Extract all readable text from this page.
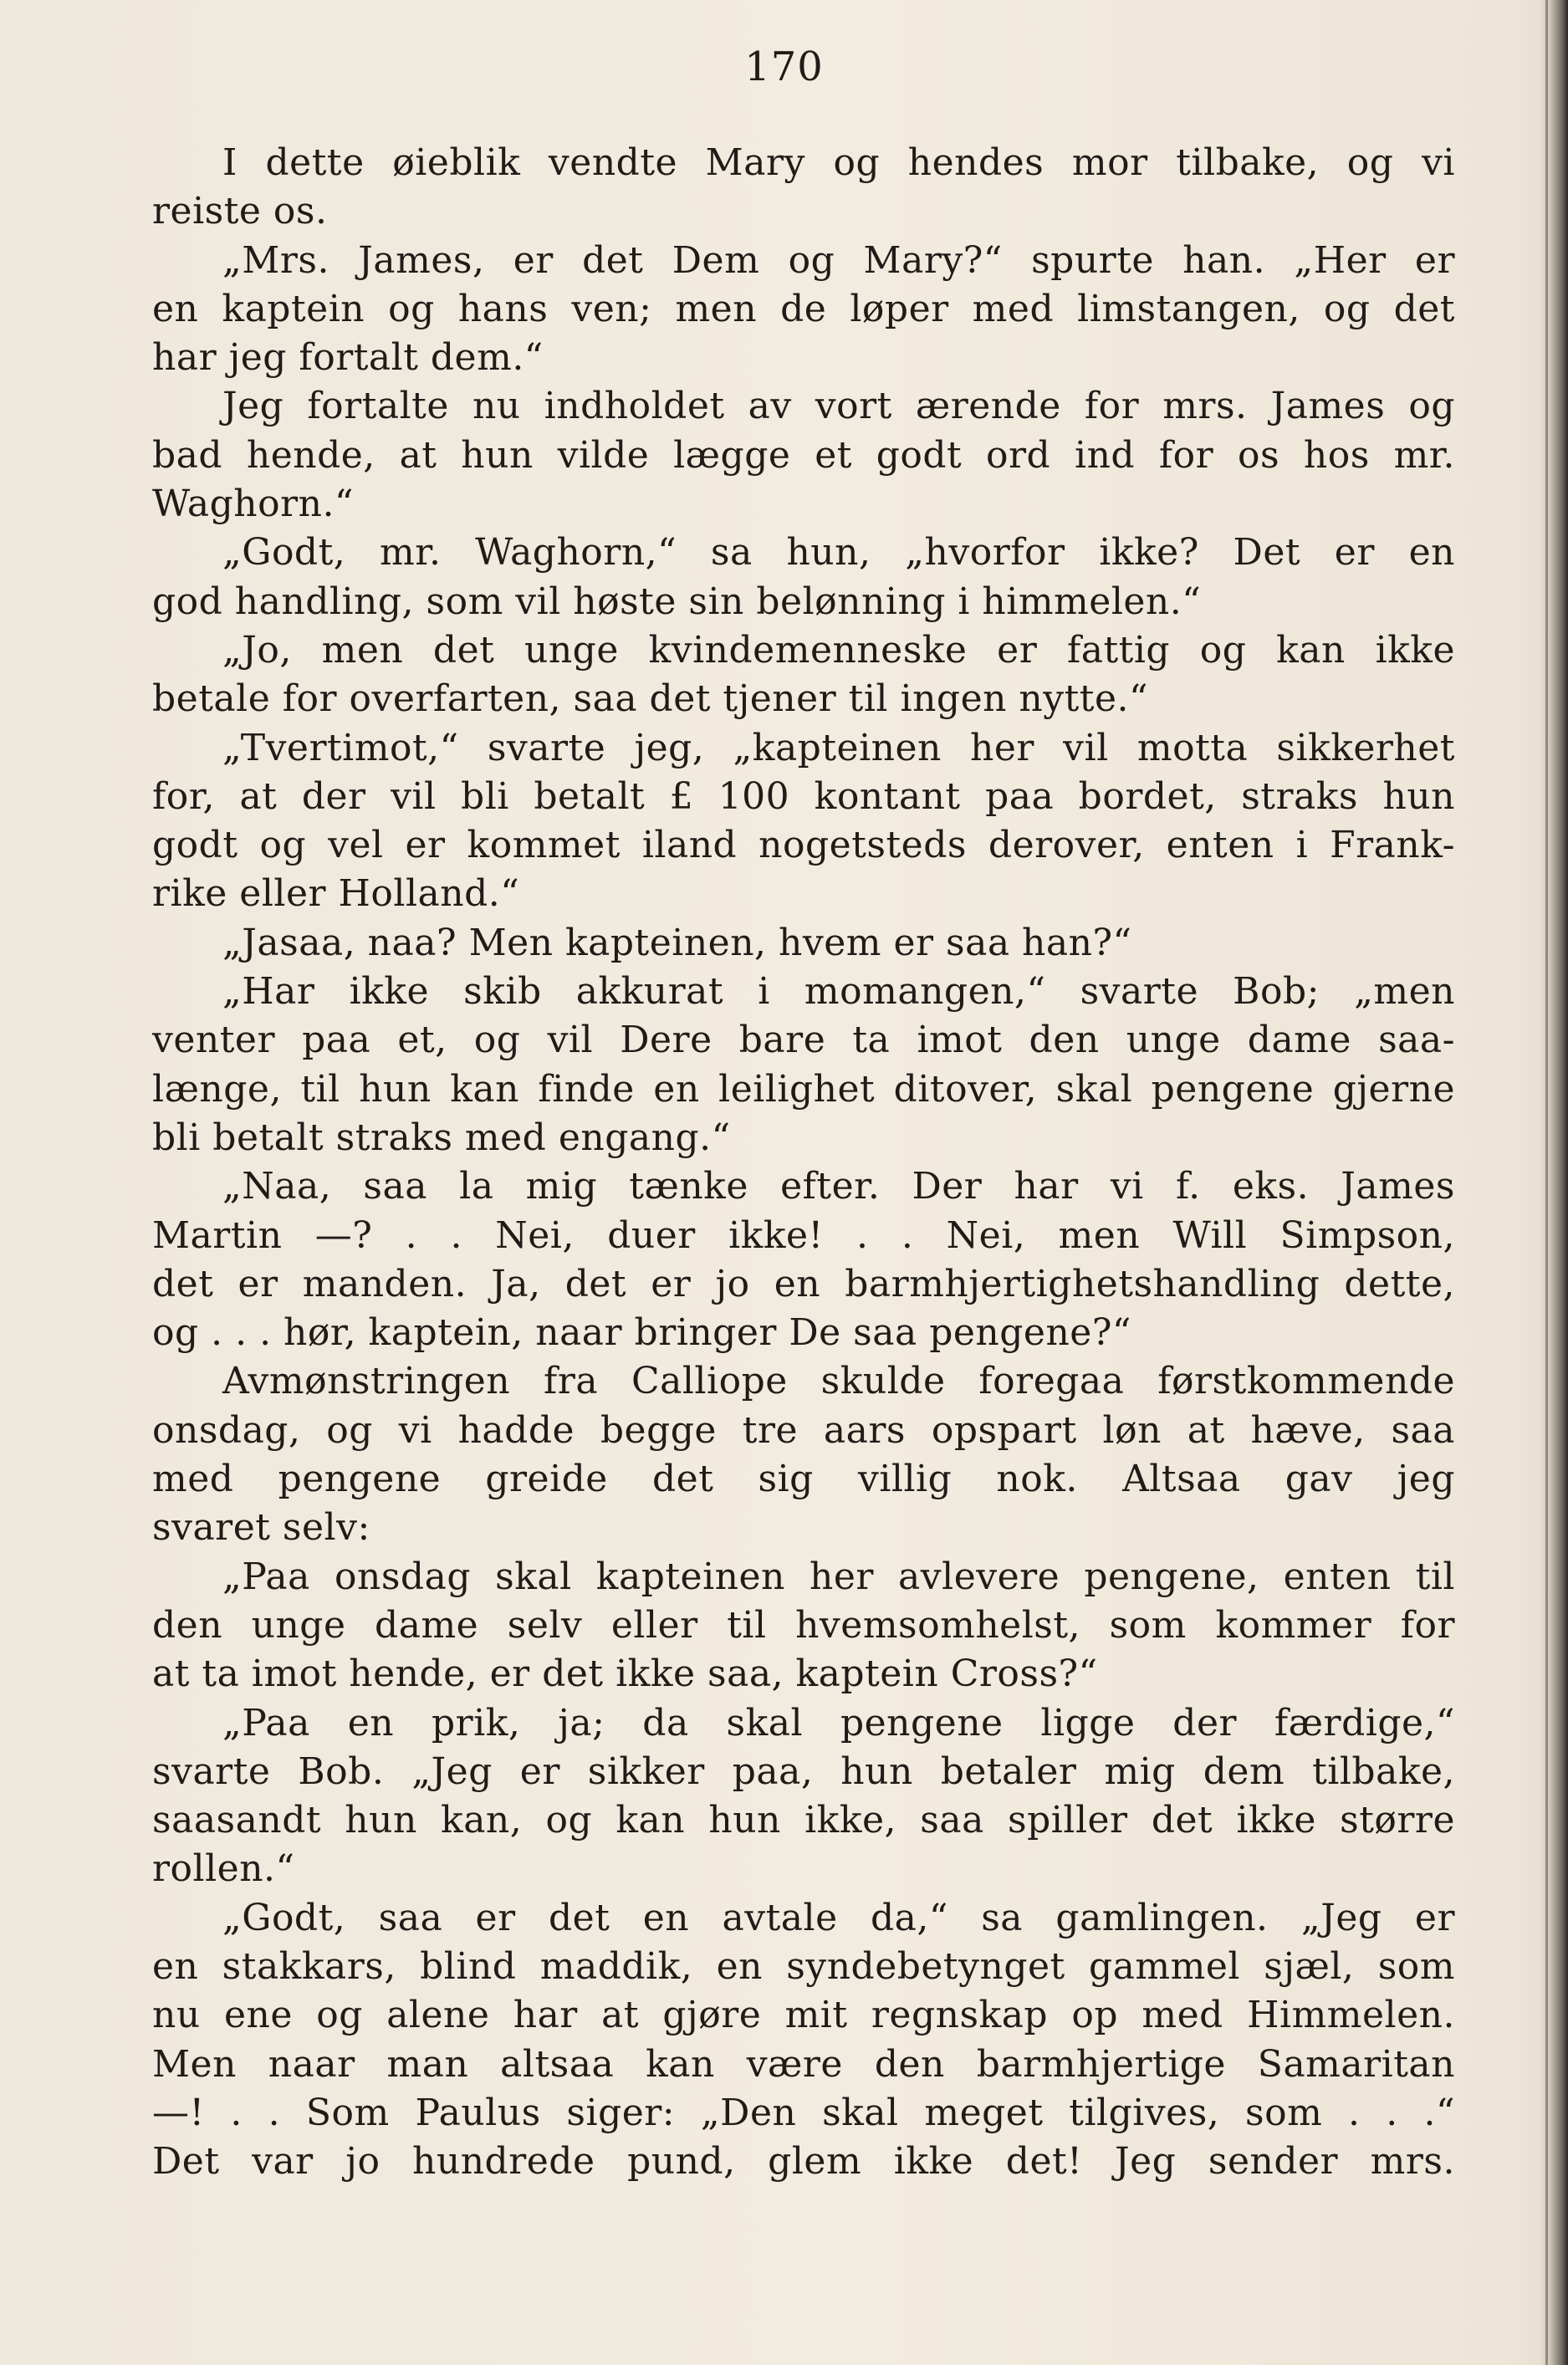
170
I dette øieblik vendte Mary og hendes mor tilbake, og vi
reiste os.
„Mrs. James, er det Dem og Mary?“ spurte han. „Her er
en kaptein og hans ven; men de løper med limstangen, og det
har jeg fortalt dem.“
Jeg fortalte nu indholdet av vort ærende for mrs. James og
bad hende, at hun vilde lægge et godt ord ind for os hos mr.
Waghorn.“
„Godt, mr. Waghorn,“ sa hun, „hvorfor ikke? Det er en
god handling, som vil høste sin belønning i himmelen.“
„Jo, men det unge kvindemenneske er fattig og kan ikke
betale for overfarten, saa det tjener til ingen nytte.“
„Tvertimot,“ svarte jeg, „kapteinen her vil motta sikkerhet
for, at der vil bli betalt £ 100 kontant paa bordet, straks hun
godt og vel er kommet iland nogetsteds derover, enten i Frank-
rike eller Holland.“
„Jasaa, naa? Men kapteinen, hvem er saa han?“
„Har ikke skib akkurat i momangen,“ svarte Bob; „men
venter paa et, og vil Dere bare ta imot den unge dame saa-
længe, til hun kan finde en leilighet ditover, skal pengene gjerne
bli betalt straks med engang.“
„Naa, saa la mig tænke efter. Der har vi f. eks. James
Martin —? . . Nei, duer ikke! . . Nei, men Will Simpson,
det er manden. Ja, det er jo en barmhjertighetshandling dette,
og . . . hør, kaptein, naar bringer De saa pengene?“
Avmønstringen fra Calliope skulde foregaa førstkommende
onsdag, og vi hadde begge tre aars opspart løn at hæve, saa
med pengene greide det sig villig nok. Altsaa gav jeg
svaret selv:
„Paa onsdag skal kapteinen her avlevere pengene, enten til
den unge dame selv eller til hvemsomhelst, som kommer for
at ta imot hende, er det ikke saa, kaptein Cross?“
„Paa en prik, ja; da skal pengene ligge der færdige,“
svarte Bob. „Jeg er sikker paa, hun betaler mig dem tilbake,
saasandt hun kan, og kan hun ikke, saa spiller det ikke større
rollen.“
„Godt, saa er det en avtale da,“ sa gamlingen. „Jeg er
en stakkars, blind maddik, en syndebetynget gammel sjæl, som
nu ene og alene har at gjøre mit regnskap op med Himmelen.
Men naar man altsaa kan være den barmhjertige Samaritan
—! . . Som Paulus siger: „Den skal meget tilgives, som . . .“
Det var jo hundrede pund, glem ikke det! Jeg sender mrs.
